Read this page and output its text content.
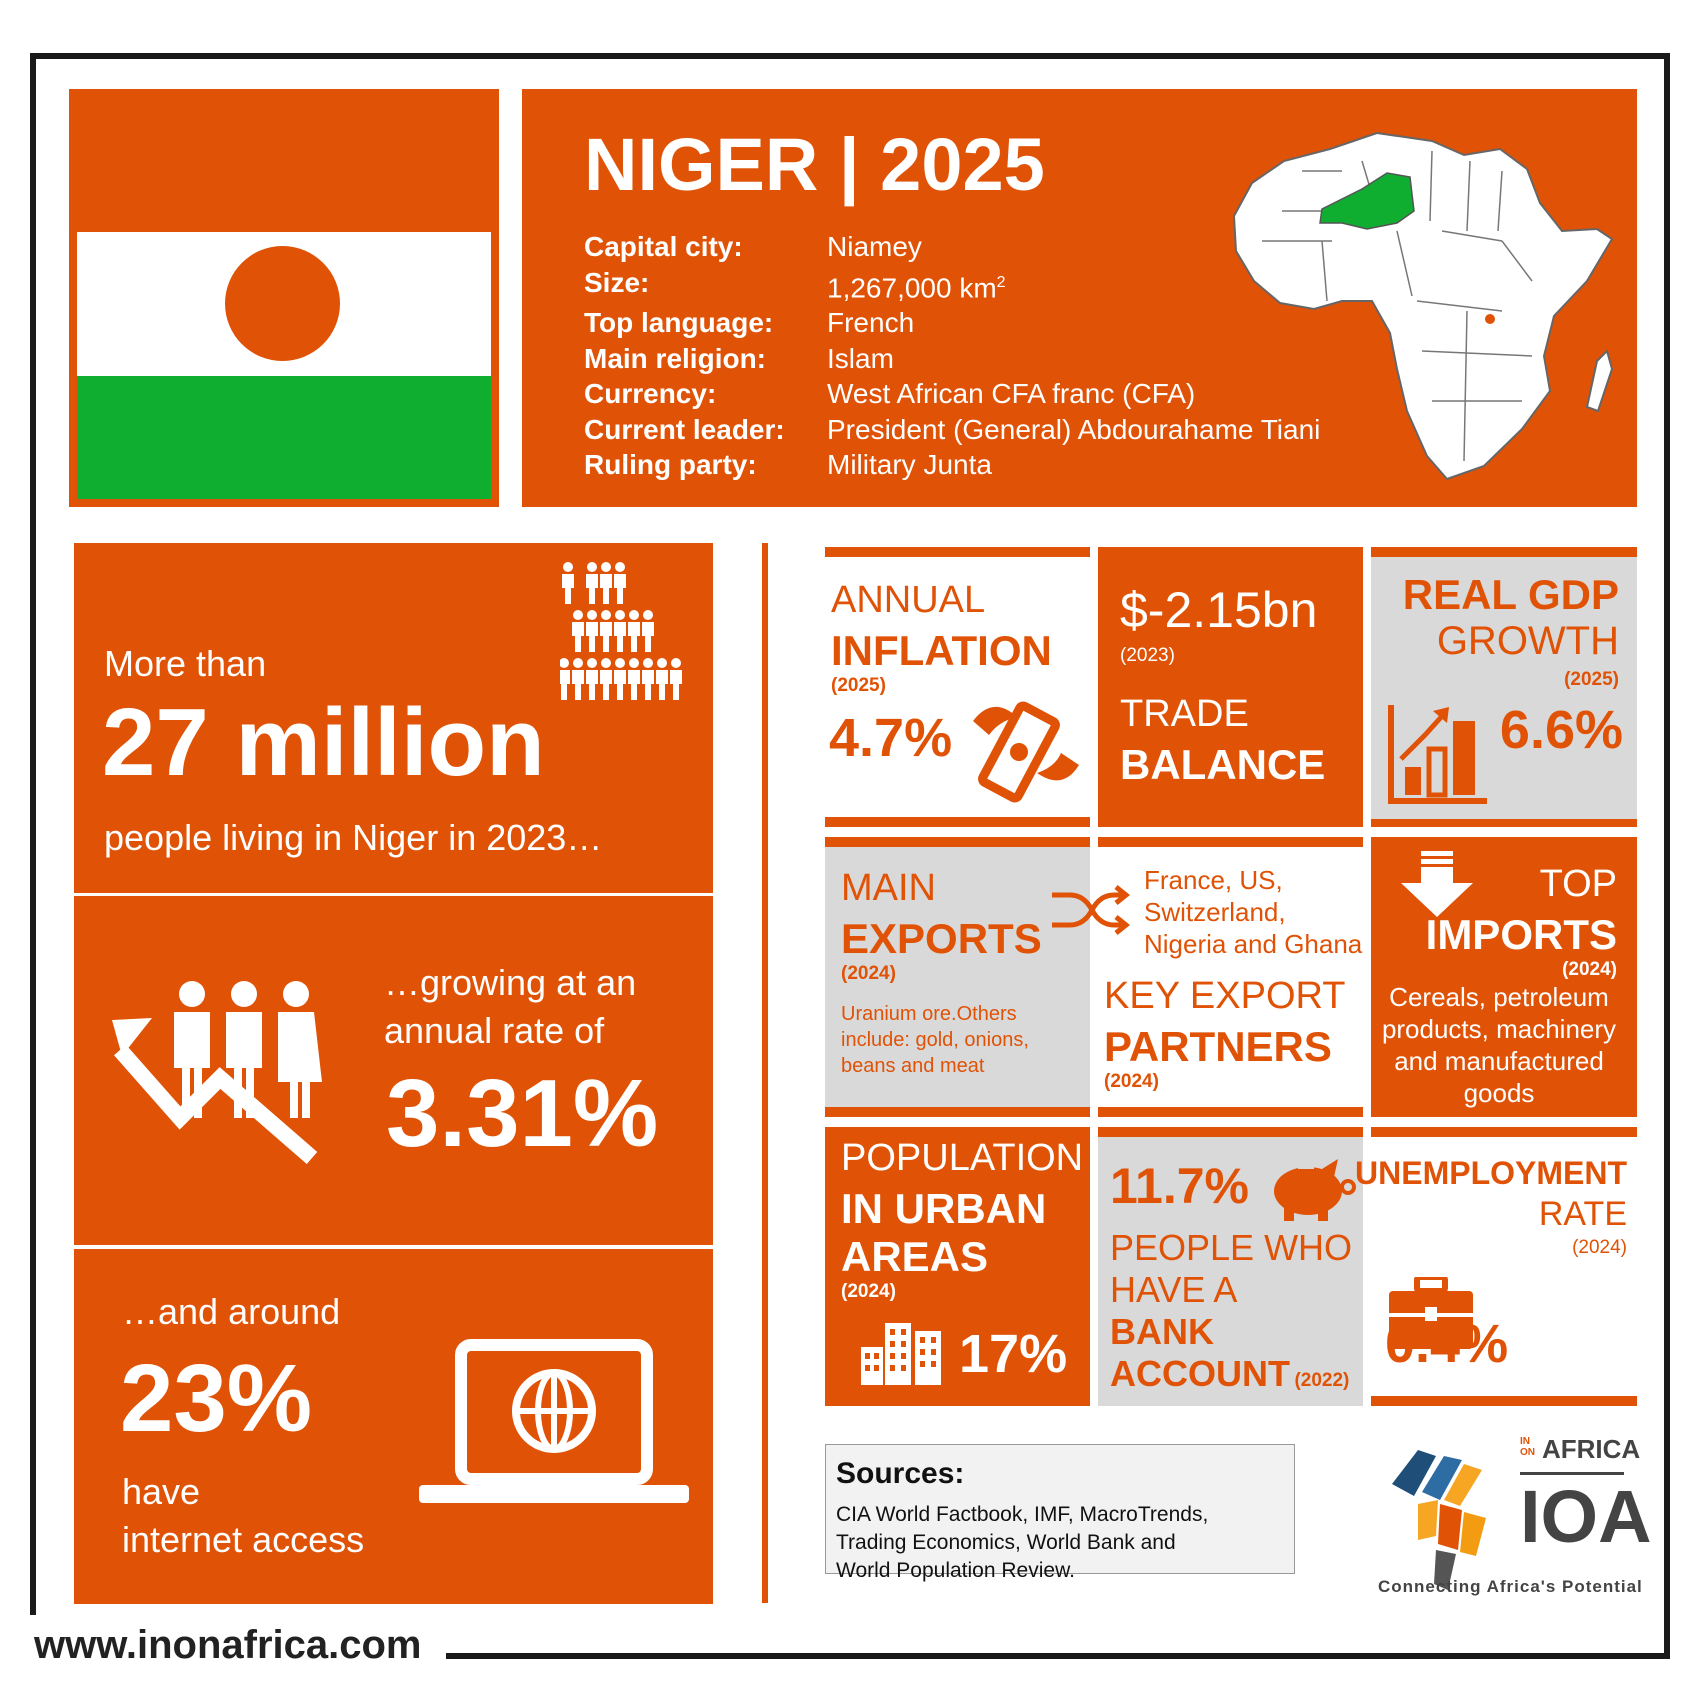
NIGER | 2025
Capital city:	Niamey
Size:	1,267,000 $km^2$
Top language:	French
Main religion:	Islam
Currency:	West African CFA franc (CFA)
Current leader:	President (General) Abdourahame Tiani
Ruling party:	Military Junta
More than
27 million
people living in Niger in 2023…
…growing at an
annual rate of
3.31%
…and around
23%
have
internet access
ANNUAL
INFLATION
(2025)
4.7%
$-2.15bn
(2023)
TRADE
BALANCE
REAL GDP
GROWTH
(2025)
6.6%
MAIN
EXPORTS
(2024)
Uranium ore.Others include: gold, onions, beans and meat
France, US,
Switzerland,
Nigeria and Ghana
KEY EXPORT
PARTNERS
(2024)
TOP
IMPORTS
(2024)
Cereals, petroleum
products, machinery
and manufactured
goods
POPULATION
IN URBAN
AREAS
(2024)
17%
11.7%
PEOPLE WHO
HAVE A
BANK
ACCOUNT (2022)
UNEMPLOYMENT
RATE
(2024)
0.4%
Sources:
CIA World Factbook, IMF, MacroTrends,
Trading Economics, World Bank and
World Population Review.
IN ON AFRICA
IOA
Connecting Africa's Potential
www.inonafrica.com
